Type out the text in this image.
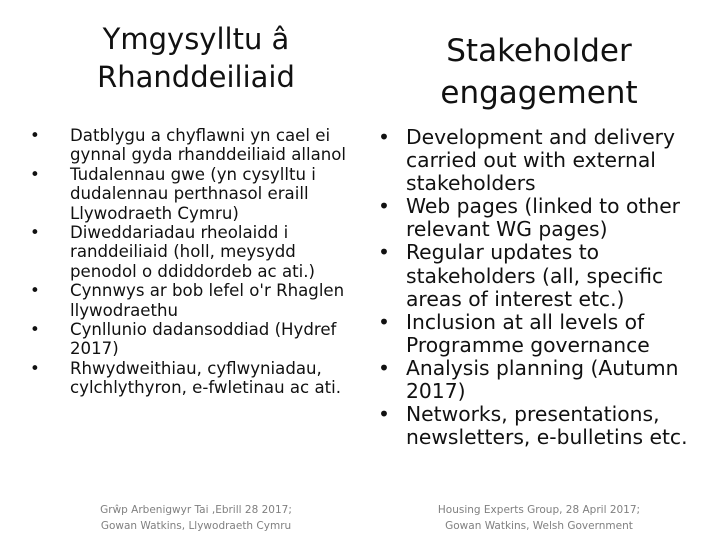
Ymgysylltu â
Rhanddeiliaid
• Datblygu a chyflawni yn cael ei gynnal gyda rhanddeiliaid allanol
• Tudalennau gwe (yn cysylltu i dudalennau perthnasol eraill Llywodraeth Cymru)
• Diweddariadau rheolaidd i randdeiliaid (holl, meysydd penodol o ddiddordeb ac ati.)
• Cynnwys ar bob lefel o'r Rhaglen llywodraethu
• Cynllunio dadansoddiad (Hydref 2017)
• Rhwydweithiau, cyflwyniadau, cylchlythyron, e-fwletinau ac ati.
Grŵp Arbenigwyr Tai ,Ebrill 28 2017;
Gowan Watkins, Llywodraeth Cymru
Stakeholder
engagement
• Development and delivery carried out with external stakeholders
• Web pages (linked to other relevant WG pages)
• Regular updates to stakeholders (all, specific areas of interest etc.)
• Inclusion at all levels of Programme governance
• Analysis planning (Autumn 2017)
• Networks, presentations, newsletters, e-bulletins etc.
Housing Experts Group, 28 April 2017;
Gowan Watkins, Welsh Government
